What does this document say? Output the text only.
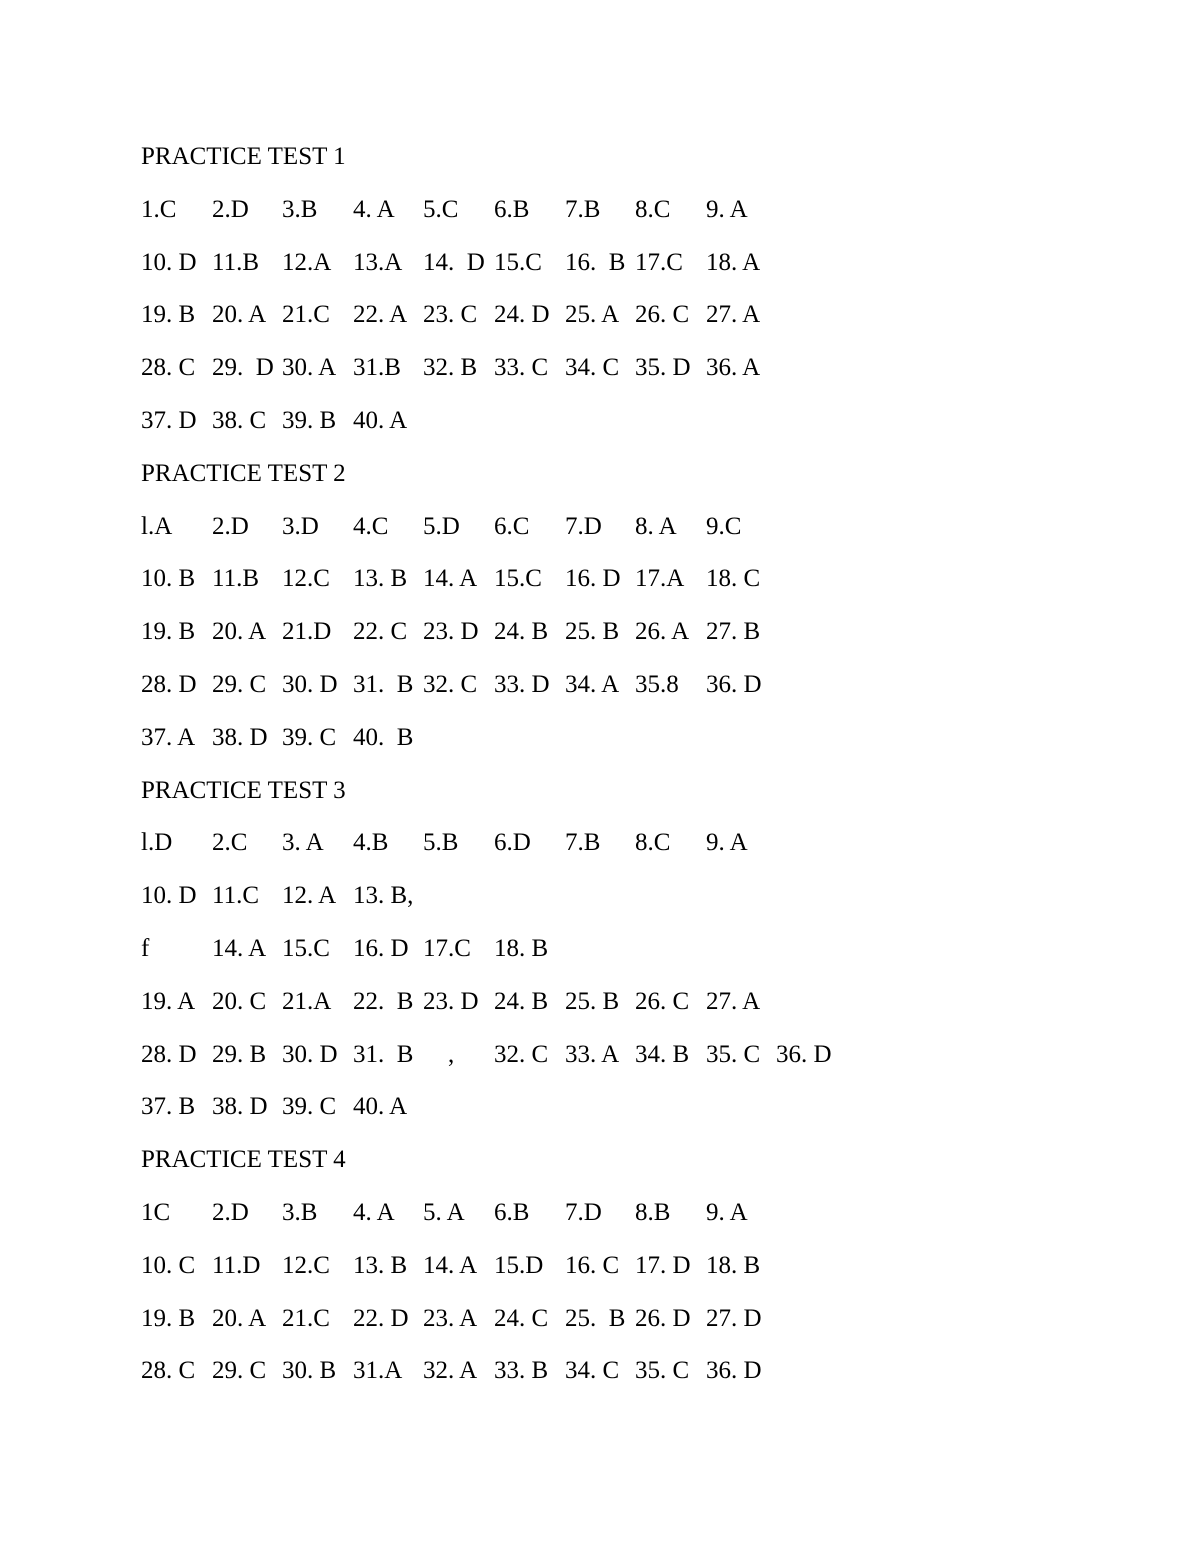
PRACTICE TEST 1
1.C 2.D 3.B 4. A 5.C 6.B 7.B 8.C 9. A
10. D 11.B 12.A 13.A 14.  D 15.C 16.  B 17.C 18. A
19. B 20. A 21.C 22. A 23. C 24. D 25. A 26. C 27. A
28. C 29.  D 30. A 31.B 32. B 33. C 34. C 35. D 36. A
37. D 38. C 39. B 40. A
PRACTICE TEST 2
l.A 2.D 3.D 4.C 5.D 6.C 7.D 8. A 9.C
10. B 11.B 12.C 13. B 14. A 15.C 16. D 17.A 18. C
19. B 20. A 21.D 22. C 23. D 24. B 25. B 26. A 27. B
28. D 29. C 30. D 31.  B 32. C 33. D 34. A 35.8 36. D
37. A 38. D 39. C 40.  B
PRACTICE TEST 3
l.D 2.C 3. A 4.B 5.B 6.D 7.B 8.C 9. A
10. D 11.C 12. A 13. B,
f	14. A 15.C 16. D 17.C 18. B
19. A 20. C 21.A 22.  B 23. D 24. B 25. B 26. C 27. A
28. D 29. B 30. D 31.  B , 32. C 33. A 34. B 35. C 36. D
37. B 38. D 39. C 40. A
PRACTICE TEST 4
1C 2.D 3.B 4. A 5. A 6.B 7.D 8.B 9. A
10. C 11.D 12.C 13. B 14. A 15.D 16. C 17. D 18. B
19. B 20. A 21.C 22. D 23. A 24. C 25.  B 26. D 27. D
28. C 29. C 30. B 31.A 32. A 33. B 34. C 35. C 36. D
